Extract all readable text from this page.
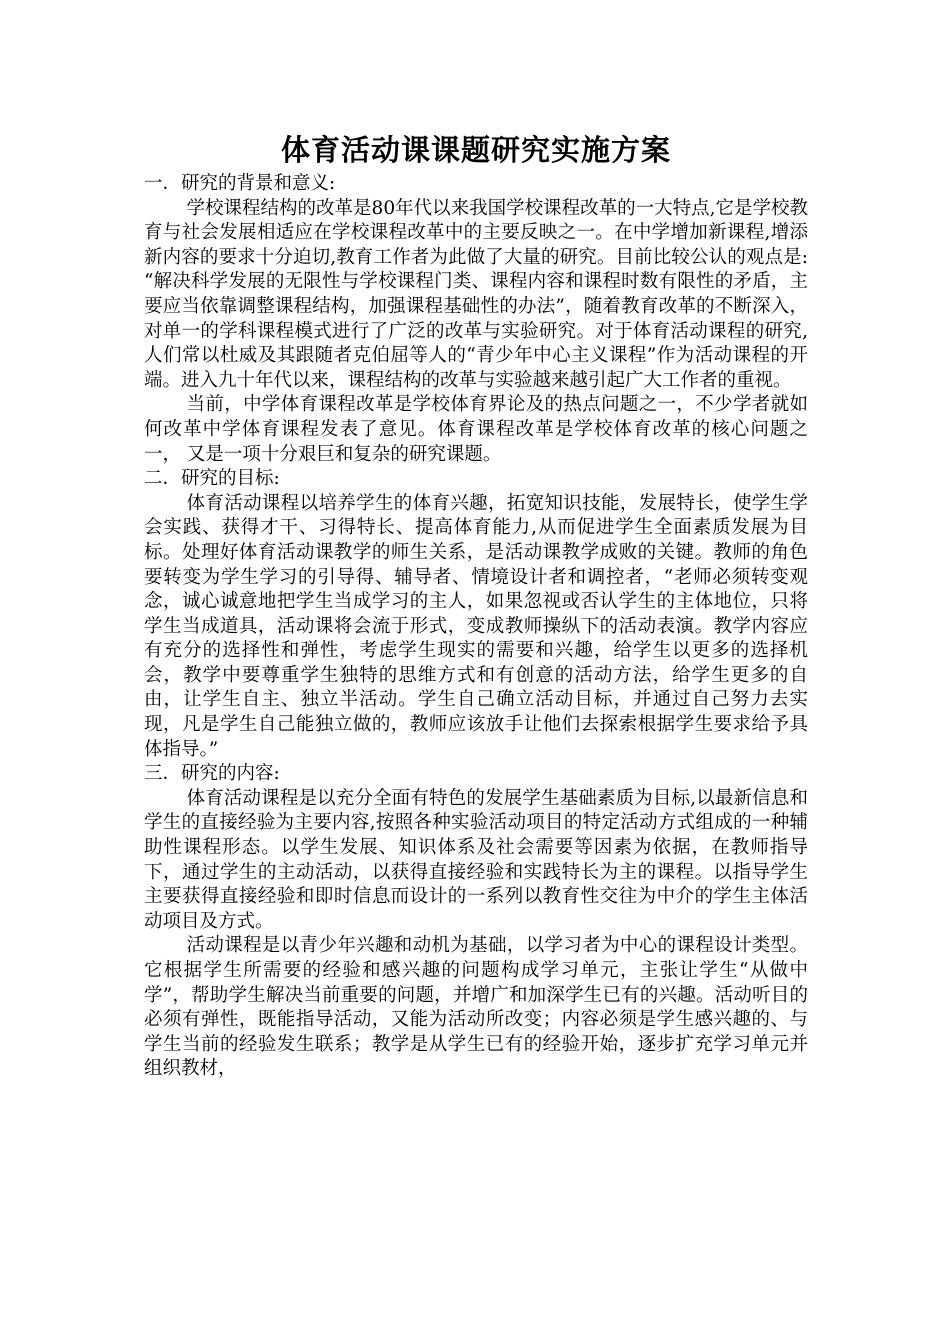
体育活动课课题研究实施方案

一．研究的背景和意义:

学校课程结构的改革是80年代以来我国学校课程改革的一大特点,它是学校教育与社会发展相适应在学校课程改革中的主要反映之一。在中学增加新课程,增添新内容的要求十分迫切,教育工作者为此做了大量的研究。目前比较公认的观点是: “解决科学发展的无限性与学校课程门类、课程内容和课程时数有限性的矛盾，主要应当依靠调整课程结构，加强课程基础性的办法”，随着教育改革的不断深入，对单一的学科课程模式进行了广泛的改革与实验研究。对于体育活动课程的研究,人们常以杜威及其跟随者克伯屈等人的“青少年中心主义课程”作为活动课程的开端。进入九十年代以来，课程结构的改革与实验越来越引起广大工作者的重视。

当前，中学体育课程改革是学校体育界论及的热点问题之一，不少学者就如何改革中学体育课程发表了意见。体育课程改革是学校体育改革的核心问题之一， 又是一项十分艰巨和复杂的研究课题。

二．研究的目标:

体育活动课程以培养学生的体育兴趣，拓宽知识技能，发展特长，使学生学会实践、获得才干、习得特长、提高体育能力,从而促进学生全面素质发展为目标。处理好体育活动课教学的师生关系，是活动课教学成败的关键。教师的角色要转变为学生学习的引导得、辅导者、情境设计者和调控者，“老师必须转变观念，诚心诚意地把学生当成学习的主人，如果忽视或否认学生的主体地位，只将学生当成道具，活动课将会流于形式，变成教师操纵下的活动表演。教学内容应有充分的选择性和弹性，考虑学生现实的需要和兴趣，给学生以更多的选择机会，教学中要尊重学生独特的思维方式和有创意的活动方法，给学生更多的自由，让学生自主、独立半活动。学生自己确立活动目标，并通过自己努力去实现，凡是学生自己能独立做的，教师应该放手让他们去探索根据学生要求给予具体指导。”

三．研究的内容:

体育活动课程是以充分全面有特色的发展学生基础素质为目标,以最新信息和学生的直接经验为主要内容,按照各种实验活动项目的特定活动方式组成的一种辅助性课程形态。以学生发展、知识体系及社会需要等因素为依据，在教师指导下，通过学生的主动活动，以获得直接经验和实践特长为主的课程。以指导学生主要获得直接经验和即时信息而设计的一系列以教育性交往为中介的学生主体活动项目及方式。

活动课程是以青少年兴趣和动机为基础，以学习者为中心的课程设计类型。它根据学生所需要的经验和感兴趣的问题构成学习单元，主张让学生“从做中学”，帮助学生解决当前重要的问题，并增广和加深学生已有的兴趣。活动听目的必须有弹性，既能指导活动，又能为活动所改变；内容必须是学生感兴趣的、与学生当前的经验发生联系；教学是从学生已有的经验开始，逐步扩充学习单元并组织教材，
